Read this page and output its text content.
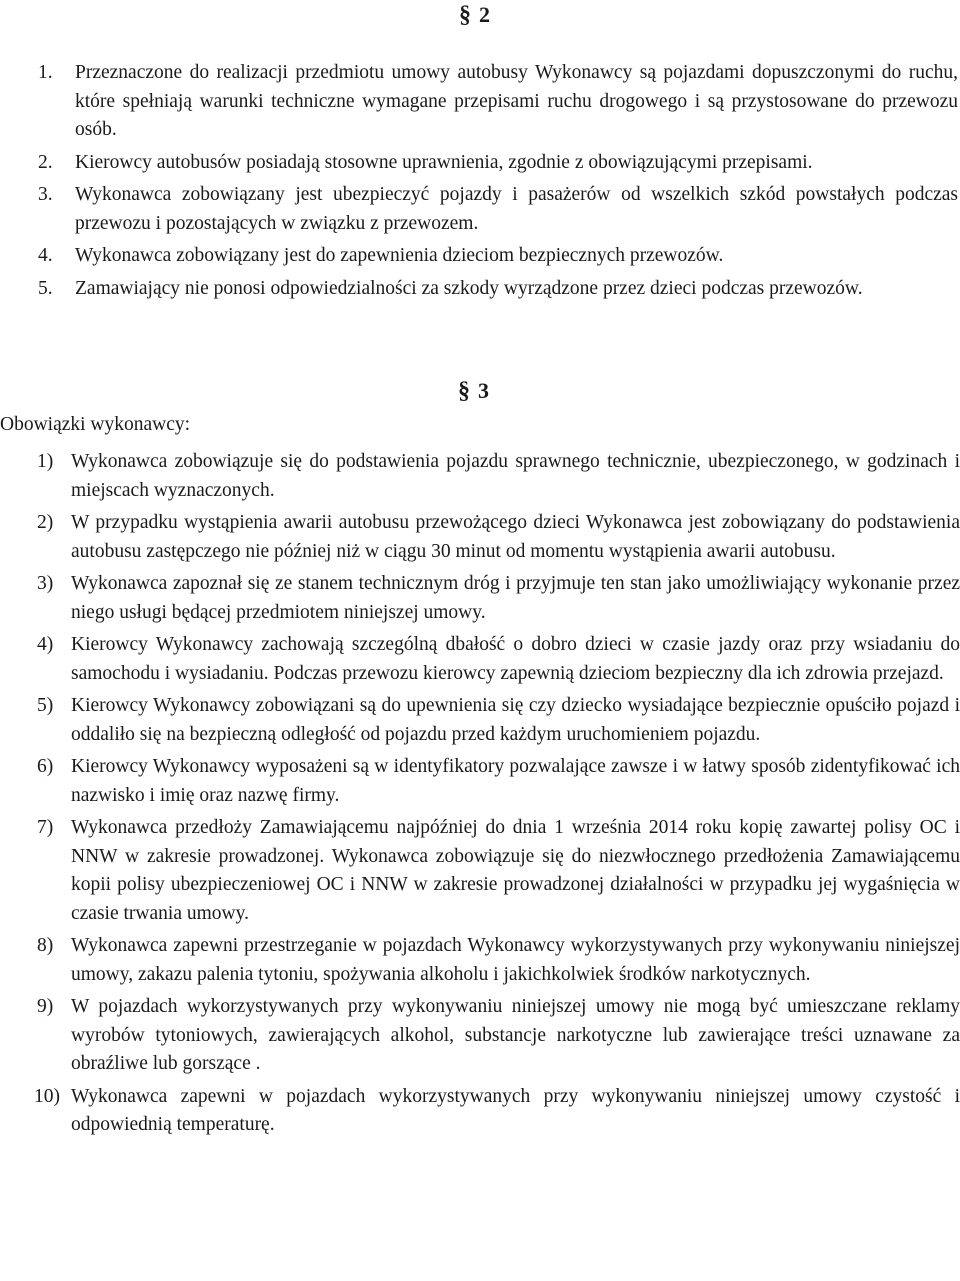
§ 2
1. Przeznaczone do realizacji przedmiotu umowy autobusy Wykonawcy są pojazdami dopuszczonymi do ruchu, które spełniają warunki techniczne wymagane przepisami ruchu drogowego i są przystosowane do przewozu osób.
2. Kierowcy autobusów posiadają stosowne uprawnienia, zgodnie z obowiązującymi przepisami.
3. Wykonawca zobowiązany jest ubezpieczyć pojazdy i pasażerów od wszelkich szkód powstałych podczas przewozu i pozostających w związku z przewozem.
4. Wykonawca zobowiązany jest do zapewnienia dzieciom bezpiecznych przewozów.
5. Zamawiający nie ponosi odpowiedzialności za szkody wyrządzone przez dzieci podczas przewozów.
§ 3
Obowiązki wykonawcy:
1) Wykonawca zobowiązuje się do podstawienia pojazdu sprawnego technicznie, ubezpieczonego, w godzinach i miejscach wyznaczonych.
2) W przypadku wystąpienia awarii autobusu przewożącego dzieci Wykonawca jest zobowiązany do podstawienia autobusu zastępczego nie później niż w ciągu 30 minut od momentu wystąpienia awarii autobusu.
3) Wykonawca zapoznał się ze stanem technicznym dróg i przyjmuje ten stan jako umożliwiający wykonanie przez niego usługi będącej przedmiotem niniejszej umowy.
4) Kierowcy Wykonawcy zachowają szczególną dbałość o dobro dzieci w czasie jazdy oraz przy wsiadaniu do samochodu i wysiadaniu. Podczas przewozu kierowcy zapewnią dzieciom bezpieczny dla ich zdrowia przejazd.
5) Kierowcy Wykonawcy zobowiązani są do upewnienia się czy dziecko wysiadające bezpiecznie opuściło pojazd i oddaliło się na bezpieczną odległość od pojazdu przed każdym uruchomieniem pojazdu.
6) Kierowcy Wykonawcy wyposażeni są w identyfikatory pozwalające zawsze i w łatwy sposób zidentyfikować ich nazwisko i imię oraz nazwę firmy.
7) Wykonawca przedłoży Zamawiającemu najpóźniej do dnia 1 września 2014 roku kopię zawartej polisy OC i NNW w zakresie prowadzonej. Wykonawca zobowiązuje się do niezwłocznego przedłożenia Zamawiającemu kopii polisy ubezpieczeniowej OC i NNW w zakresie prowadzonej działalności w przypadku jej wygaśnięcia w czasie trwania umowy.
8) Wykonawca zapewni przestrzeganie w pojazdach Wykonawcy wykorzystywanych przy wykonywaniu niniejszej umowy, zakazu palenia tytoniu, spożywania alkoholu i jakichkolwiek środków narkotycznych.
9) W pojazdach wykorzystywanych przy wykonywaniu niniejszej umowy nie mogą być umieszczane reklamy wyrobów tytoniowych, zawierających alkohol, substancje narkotyczne lub zawierające treści uznawane za obraźliwe lub gorszące .
10) Wykonawca zapewni w pojazdach wykorzystywanych przy wykonywaniu niniejszej umowy czystość i odpowiednią temperaturę.
